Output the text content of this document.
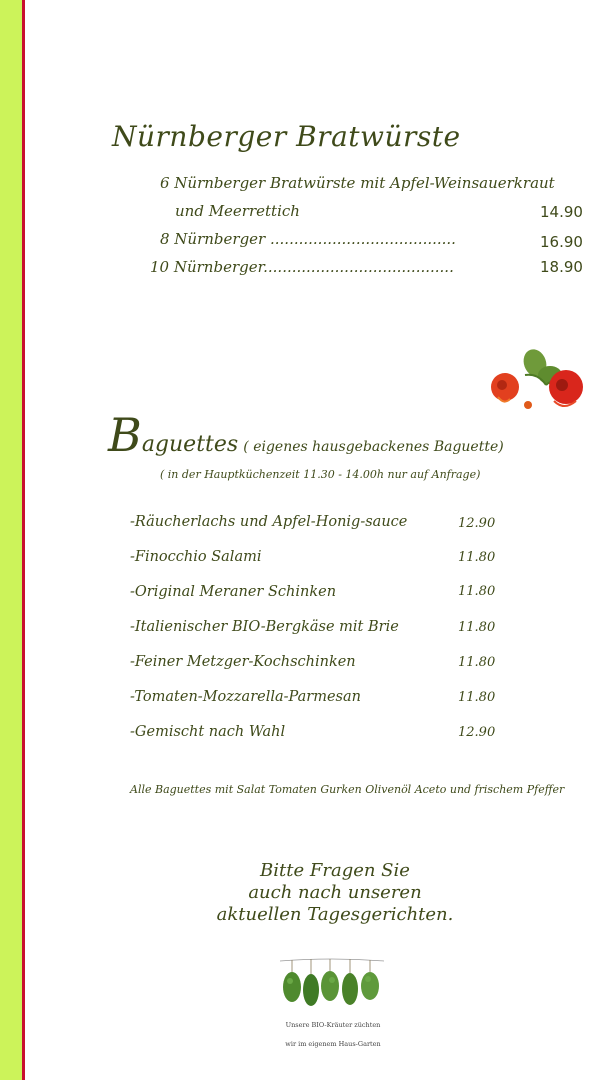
Nürnberger Bratwürste
6 Nürnberger Bratwürste mit Apfel-Weinsauerkraut
und Meerrettich	14.90
8 Nürnberger .......................................	16.90
10 Nürnberger........................................	18.90
Baguettes ( eigenes hausgebackenes Baguette)
( in der Hauptküchenzeit 11.30 - 14.00h nur auf Anfrage)
-Räucherlachs und Apfel-Honig-sauce	12.90
-Finocchio Salami	11.80
-Original Meraner Schinken	11.80
-Italienischer BIO-Bergkäse mit Brie	11.80
-Feiner Metzger-Kochschinken	11.80
-Tomaten-Mozzarella-Parmesan	11.80
-Gemischt nach Wahl	12.90
Alle Baguettes mit Salat Tomaten Gurken Olivenöl Aceto und frischem Pfeffer
Bitte Fragen Sie
auch nach unseren
aktuellen Tagesgerichten.
Unsere BIO-Kräuter züchten
wir im eigenem Haus-Garten
